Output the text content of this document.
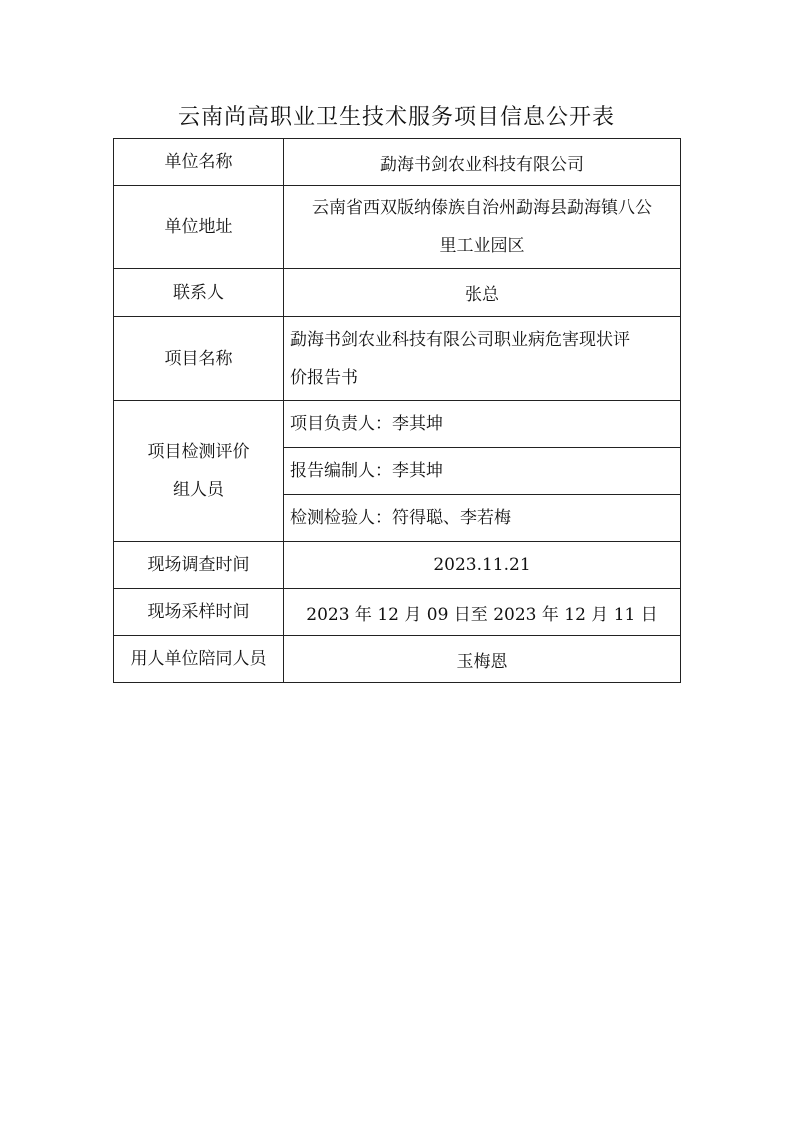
云南尚高职业卫生技术服务项目信息公开表
单位名称	勐海书剑农业科技有限公司
单位地址	云南省西双版纳傣族自治州勐海县勐海镇八公
里工业园区

联系人	张总
项目名称	勐海书剑农业科技有限公司职业病危害现状评
价报告书

项目检测评价
组人员	项目负责人：李其坤
	报告编制人：李其坤
	检测检验人：符得聪、李若梅
现场调查时间	2023.11.21
现场采样时间	2023 年 12 月 09 日至 2023 年 12 月 11 日
用人单位陪同人员	玉梅恩
